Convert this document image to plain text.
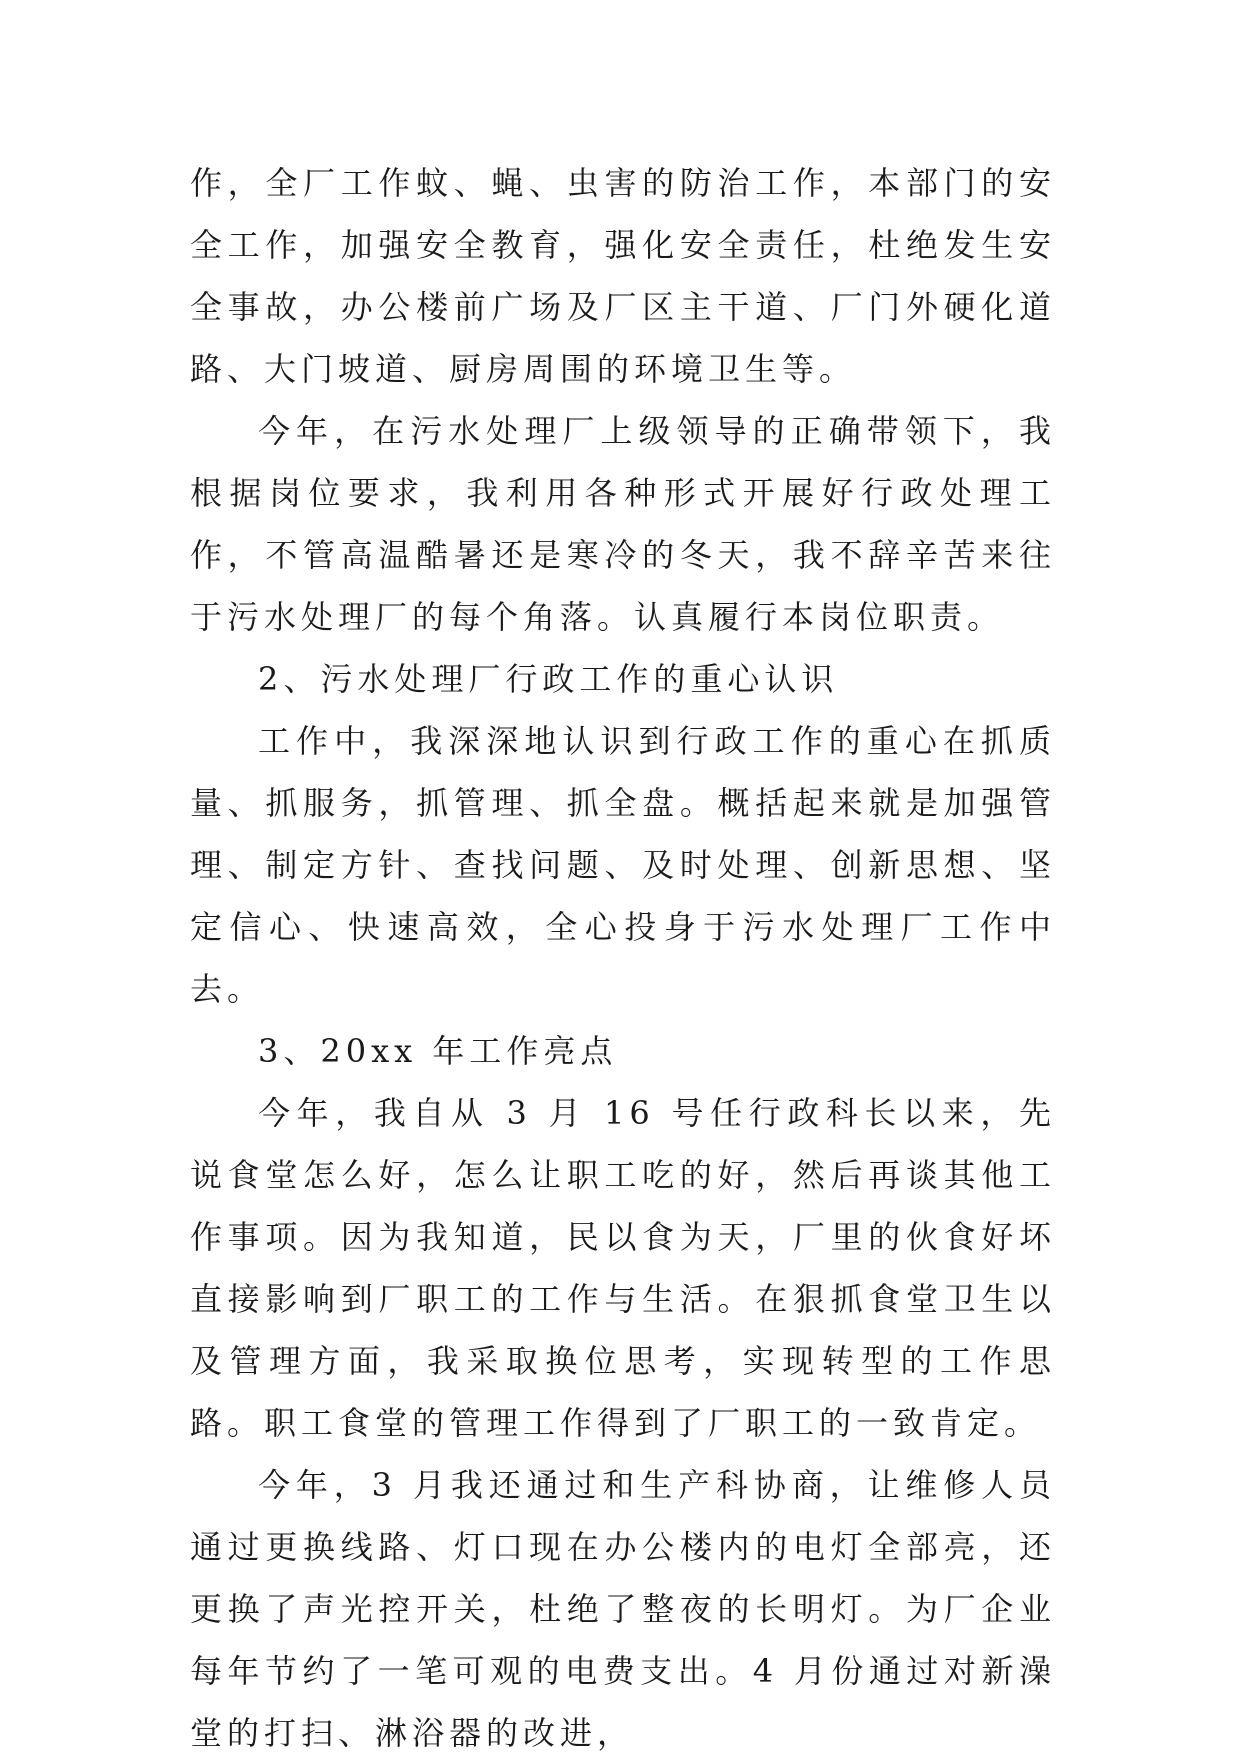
作，全厂工作蚊、蝇、虫害的防治工作，本部门的安全工作，加强安全教育，强化安全责任，杜绝发生安全事故，办公楼前广场及厂区主干道、厂门外硬化道路、大门坡道、厨房周围的环境卫生等。

今年，在污水处理厂上级领导的正确带领下，我根据岗位要求，我利用各种形式开展好行政处理工作，不管高温酷暑还是寒冷的冬天，我不辞辛苦来往于污水处理厂的每个角落。认真履行本岗位职责。

2、污水处理厂行政工作的重心认识

工作中，我深深地认识到行政工作的重心在抓质量、抓服务，抓管理、抓全盘。概括起来就是加强管理、制定方针、查找问题、及时处理、创新思想、坚定信心、快速高效，全心投身于污水处理厂工作中去。

3、20xx 年工作亮点

今年，我自从 3 月 16 号任行政科长以来，先说食堂怎么好，怎么让职工吃的好，然后再谈其他工作事项。因为我知道，民以食为天，厂里的伙食好坏直接影响到厂职工的工作与生活。在狠抓食堂卫生以及管理方面，我采取换位思考，实现转型的工作思路。职工食堂的管理工作得到了厂职工的一致肯定。

今年，3 月我还通过和生产科协商，让维修人员通过更换线路、灯口现在办公楼内的电灯全部亮，还更换了声光控开关，杜绝了整夜的长明灯。为厂企业每年节约了一笔可观的电费支出。4 月份通过对新澡堂的打扫、淋浴器的改进，
